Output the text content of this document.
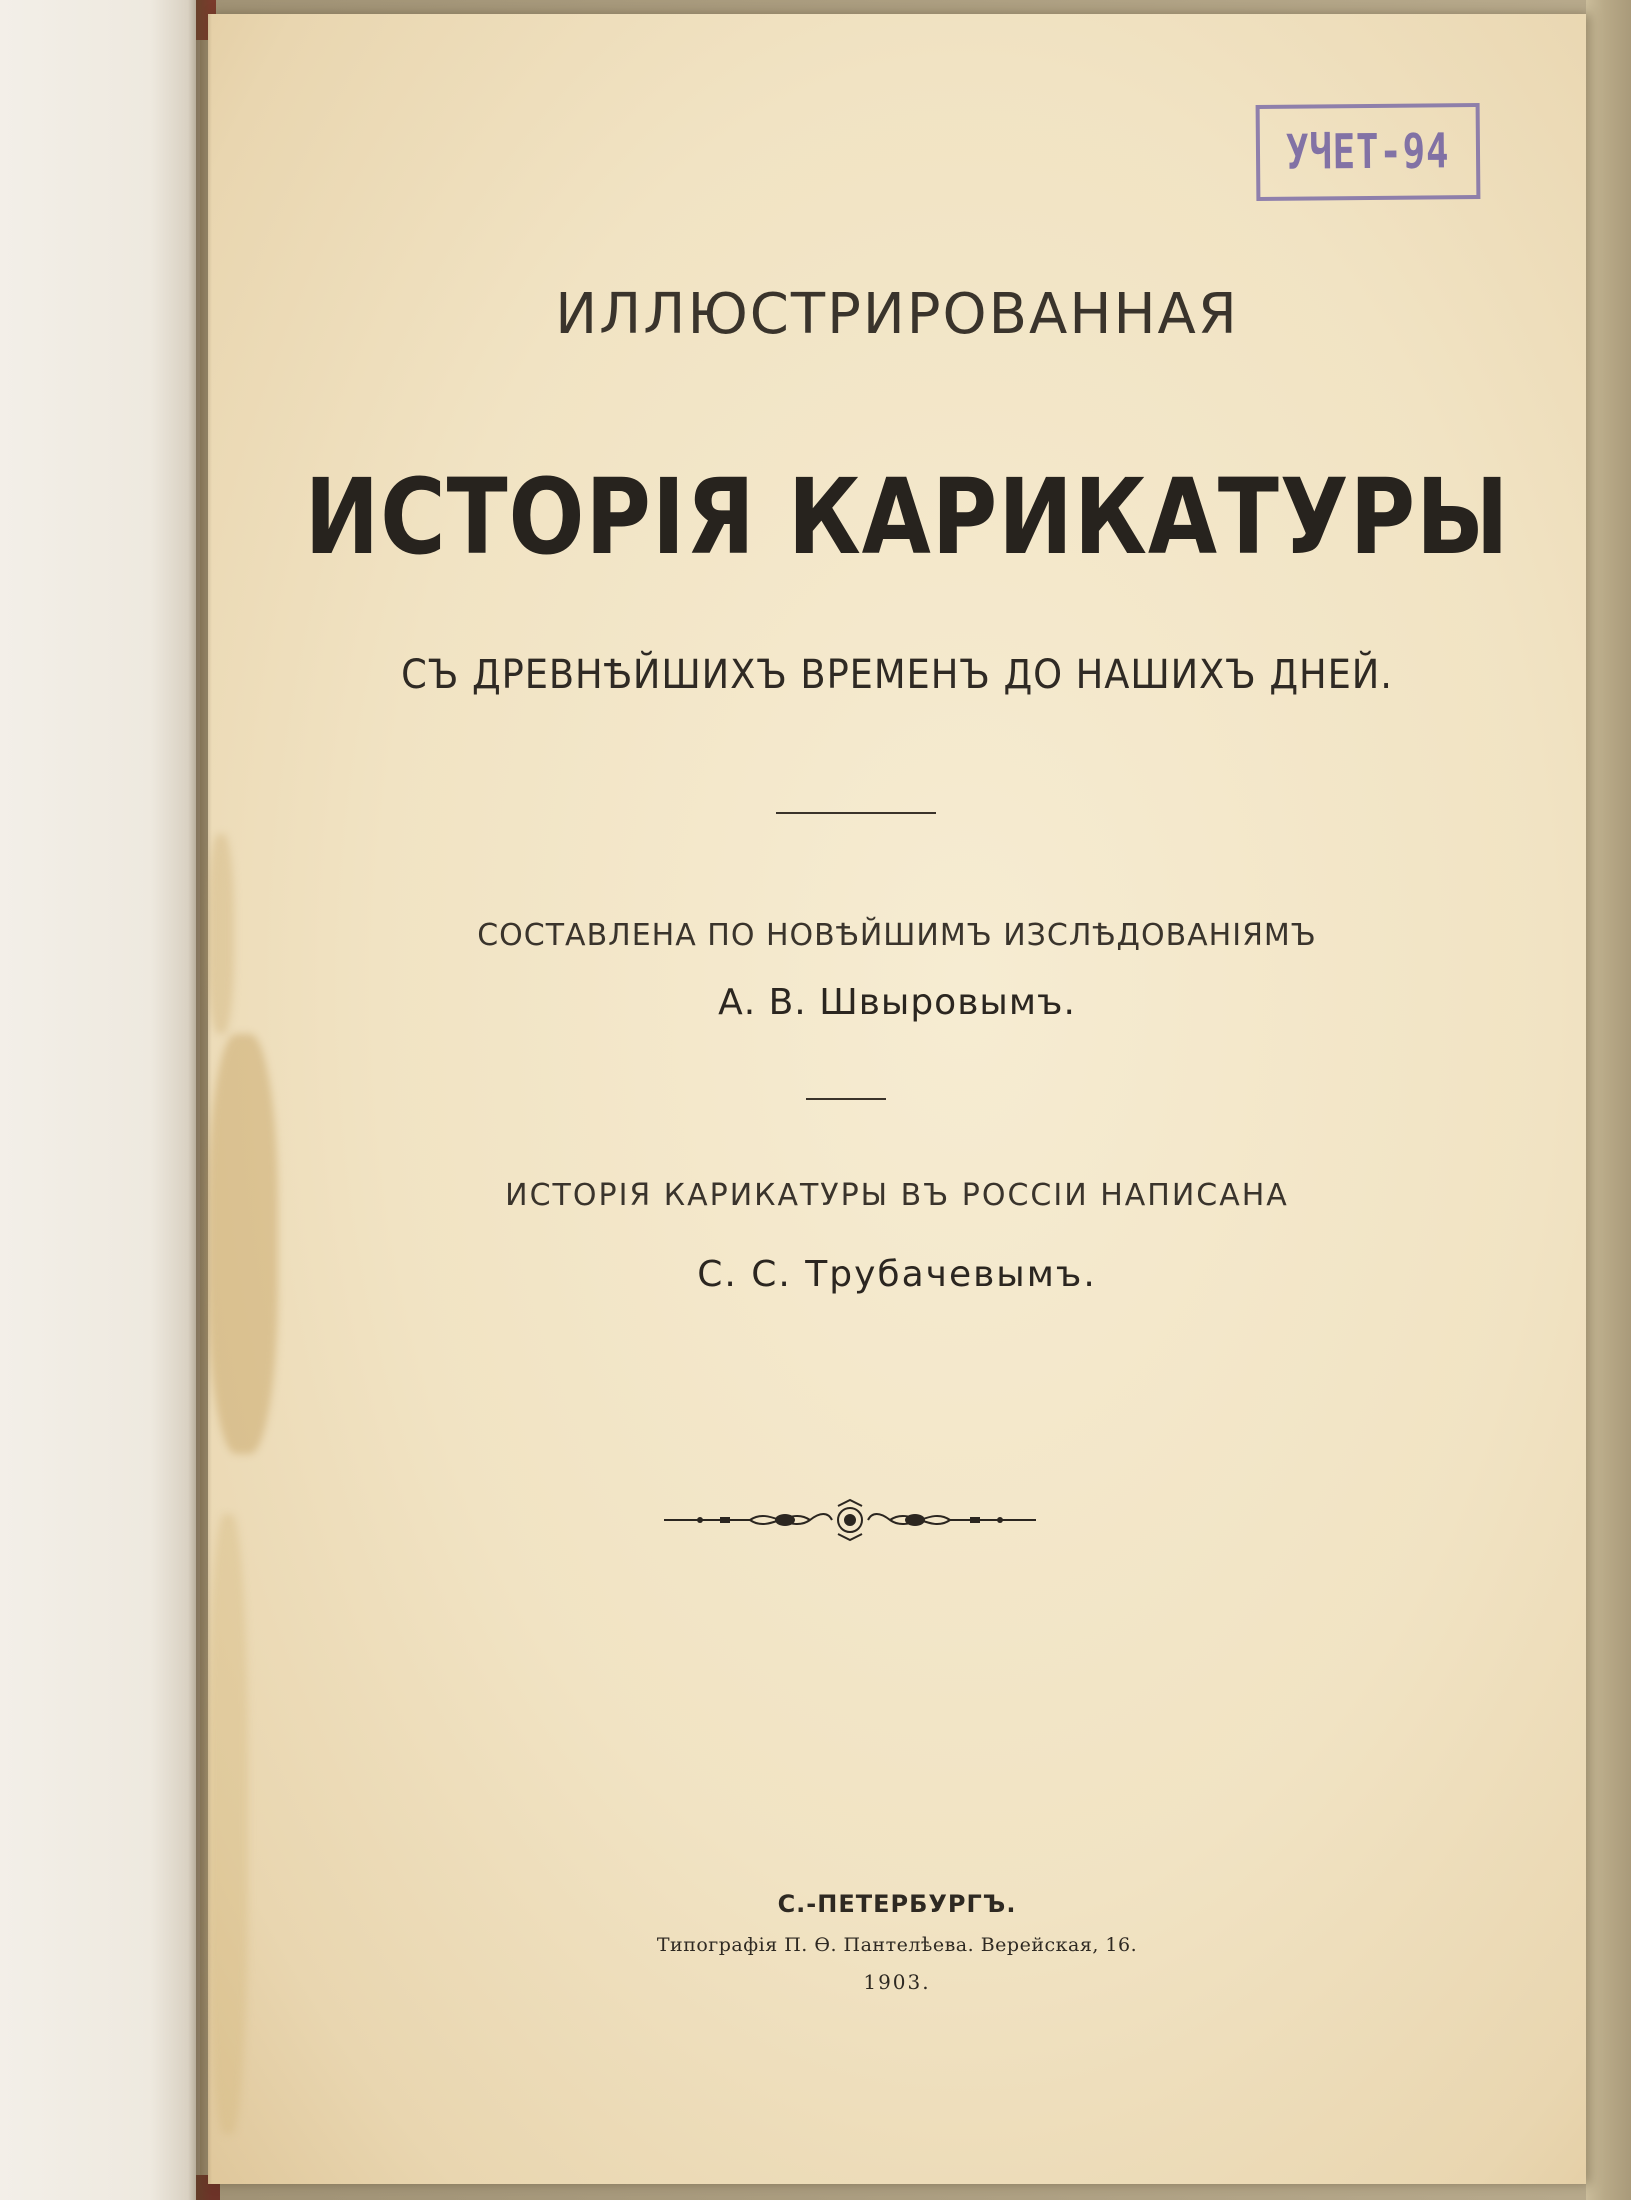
УЧЕТ-94
ИЛЛЮСТРИРОВАННАЯ
ИСТОРІЯ КАРИКАТУРЫ
СЪ ДРЕВНѢЙШИХЪ ВРЕМЕНЪ ДО НАШИХЪ ДНЕЙ.
СОСТАВЛЕНА ПО НОВѢЙШИМЪ ИЗСЛѢДОВАНІЯМЪ
А. В. Швыровымъ.
ИСТОРІЯ КАРИКАТУРЫ ВЪ РОССІИ НАПИСАНА
С. С. Трубачевымъ.
С.-ПЕТЕРБУРГЪ.
Типографія П. Ѳ. Пантелѣева. Верейская, 16.
1903.
